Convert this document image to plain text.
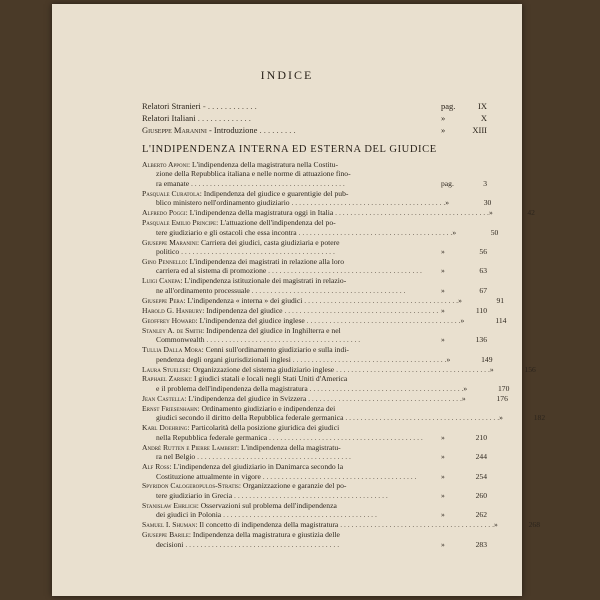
INDICE
Relatori Stranieri - . . . . . . . . . . . .	pag.	IX
Relatori Italiani . . . . . . . . . . . . .	»	X
Giuseppe Maranini - Introduzione . . . . . . . . .	»	XIII
L'INDIPENDENZA INTERNA ED ESTERNA DEL GIUDICE
Alberto Apponi: L'indipendenza della magistratura nella Costitu-
zione della Repubblica italiana e nelle norme di attuazione fino-
ra emanate . . . . . . . . . . . . . . . . . . . . . . . . . . . . . . . . . . . . . . . . .	pag.	3
Pasquale Curatola: Indipendenza del giudice e guarentigie del pub-
blico ministero nell'ordinamento giudiziario . . . . . . . . . . . . . . . . . . . . . . . . . . . . . . . . . . . . . . . . . »	30
Alfredo Poggi: L'indipendenza della magistratura oggi in Italia . . . . . . . . . . . . . . . . . . . . . . . . . . . . . . . . . . . . . . . . . »	42
Pasquale Emilio Principe: L'attuazione dell'indipendenza del po-
tere giudiziario e gli ostacoli che essa incontra . . . . . . . . . . . . . . . . . . . . . . . . . . . . . . . . . . . . . . . . . »	50
Giuseppe Maranini: Carriera dei giudici, casta giudiziaria e potere
politico . . . . . . . . . . . . . . . . . . . . . . . . . . . . . . . . . . . . . . . . .	»	56
Gino Pennello: L'indipendenza dei magistrati in relazione alla loro
carriera ed al sistema di promozione . . . . . . . . . . . . . . . . . . . . . . . . . . . . . . . . . . . . . . . . .	»	63
Luigi Canepa: L'indipendenza istituzionale dei magistrati in relazio-
ne all'ordinamento processuale . . . . . . . . . . . . . . . . . . . . . . . . . . . . . . . . . . . . . . . . .	»	67
Giuseppe Pera: L'indipendenza « interna » dei giudici . . . . . . . . . . . . . . . . . . . . . . . . . . . . . . . . . . . . . . . . . »	91
Harold G. Hanbury: Indipendenza del giudice . . . . . . . . . . . . . . . . . . . . . . . . . . . . . . . . . . . . . . . . . »	110
Geoffrey Howard: L'indipendenza del giudice inglese . . . . . . . . . . . . . . . . . . . . . . . . . . . . . . . . . . . . . . . . . »	114
Stanley A. de Smith: Indipendenza del giudice in Inghilterra e nel
Commonwealth . . . . . . . . . . . . . . . . . . . . . . . . . . . . . . . . . . . . . . . . .	»	136
Tullia Dalla Mora: Cenni sull'ordinamento giudiziario e sulla indi-
pendenza degli organi giurisdizionali inglesi . . . . . . . . . . . . . . . . . . . . . . . . . . . . . . . . . . . . . . . . . »	149
Laura Stuelese: Organizzazione del sistema giudiziario inglese . . . . . . . . . . . . . . . . . . . . . . . . . . . . . . . . . . . . . . . . . »	156
Raphael Zariski: I giudici statali e locali negli Stati Uniti d'America
e il problema dell'indipendenza della magistratura . . . . . . . . . . . . . . . . . . . . . . . . . . . . . . . . . . . . . . . . . »	170
Jean Castella: L'indipendenza del giudice in Svizzera . . . . . . . . . . . . . . . . . . . . . . . . . . . . . . . . . . . . . . . . . »	176
Ernst Friesenhahn: Ordinamento giudiziario e indipendenza dei
giudici secondo il diritto della Repubblica federale germanica . . . . . . . . . . . . . . . . . . . . . . . . . . . . . . . . . . . . . . . . . »	182
Karl Doehring: Particolarità della posizione giuridica dei giudici
nella Repubblica federale germanica . . . . . . . . . . . . . . . . . . . . . . . . . . . . . . . . . . . . . . . . .	»	210
André Rutten e Pierre Lambert: L'indipendenza della magistratu-
ra nel Belgio . . . . . . . . . . . . . . . . . . . . . . . . . . . . . . . . . . . . . . . . .	»	244
Alf Ross: L'indipendenza del giudiziario in Danimarca secondo la
Costituzione attualmente in vigore . . . . . . . . . . . . . . . . . . . . . . . . . . . . . . . . . . . . . . . . .	»	254
Spyridon Calogeropulos-Stratis: Organizzazione e garanzie del po-
tere giudiziario in Grecia . . . . . . . . . . . . . . . . . . . . . . . . . . . . . . . . . . . . . . . . .	»	260
Stanislaw Ehrlich: Osservazioni sul problema dell'indipendenza
dei giudici in Polonia . . . . . . . . . . . . . . . . . . . . . . . . . . . . . . . . . . . . . . . . .	»	262
Samuel I. Shuman: Il concetto di indipendenza della magistratura . . . . . . . . . . . . . . . . . . . . . . . . . . . . . . . . . . . . . . . . . »	268
Giuseppe Barile: Indipendenza della magistratura e giustizia delle
decisioni . . . . . . . . . . . . . . . . . . . . . . . . . . . . . . . . . . . . . . . . .	»	283
